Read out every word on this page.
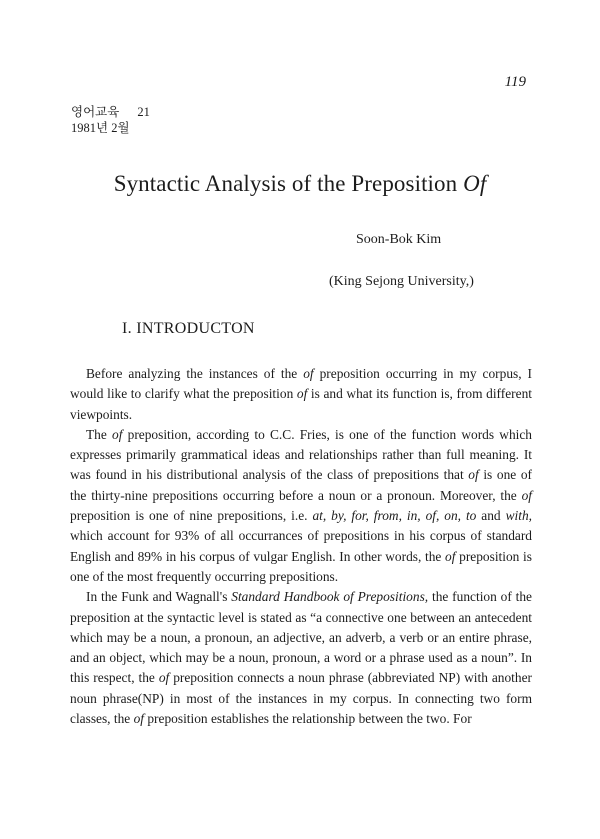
119
영어교육 21
1981년 2월
Syntactic Analysis of the Preposition Of
Soon-Bok Kim
(King Sejong University,)
I. INTRODUCTON

Before analyzing the instances of the of preposition occurring in my corpus, I would like to clarify what the preposition of is and what its function is, from different viewpoints.

The of preposition, according to C.C. Fries, is one of the function words which expresses primarily grammatical ideas and relationships rather than full meaning. It was found in his distributional analysis of the class of prepositions that of is one of the thirty-nine prepositions occurring before a noun or a pronoun. Moreover, the of preposition is one of nine prepositions, i.e. at, by, for, from, in, of, on, to and with, which account for 93% of all occurrances of prepositions in his corpus of standard English and 89% in his corpus of vulgar English. In other words, the of preposition is one of the most frequently occurring prepositions.

In the Funk and Wagnall's Standard Handbook of Prepositions, the function of the preposition at the syntactic level is stated as “a connective one between an antecedent which may be a noun, a pronoun, an adjective, an adverb, a verb or an entire phrase, and an object, which may be a noun, pronoun, a word or a phrase used as a noun”. In this respect, the of preposition connects a noun phrase (abbreviated NP) with another noun phrase(NP) in most of the instances in my corpus. In connecting two form classes, the of preposition establishes the relationship between the two. For
